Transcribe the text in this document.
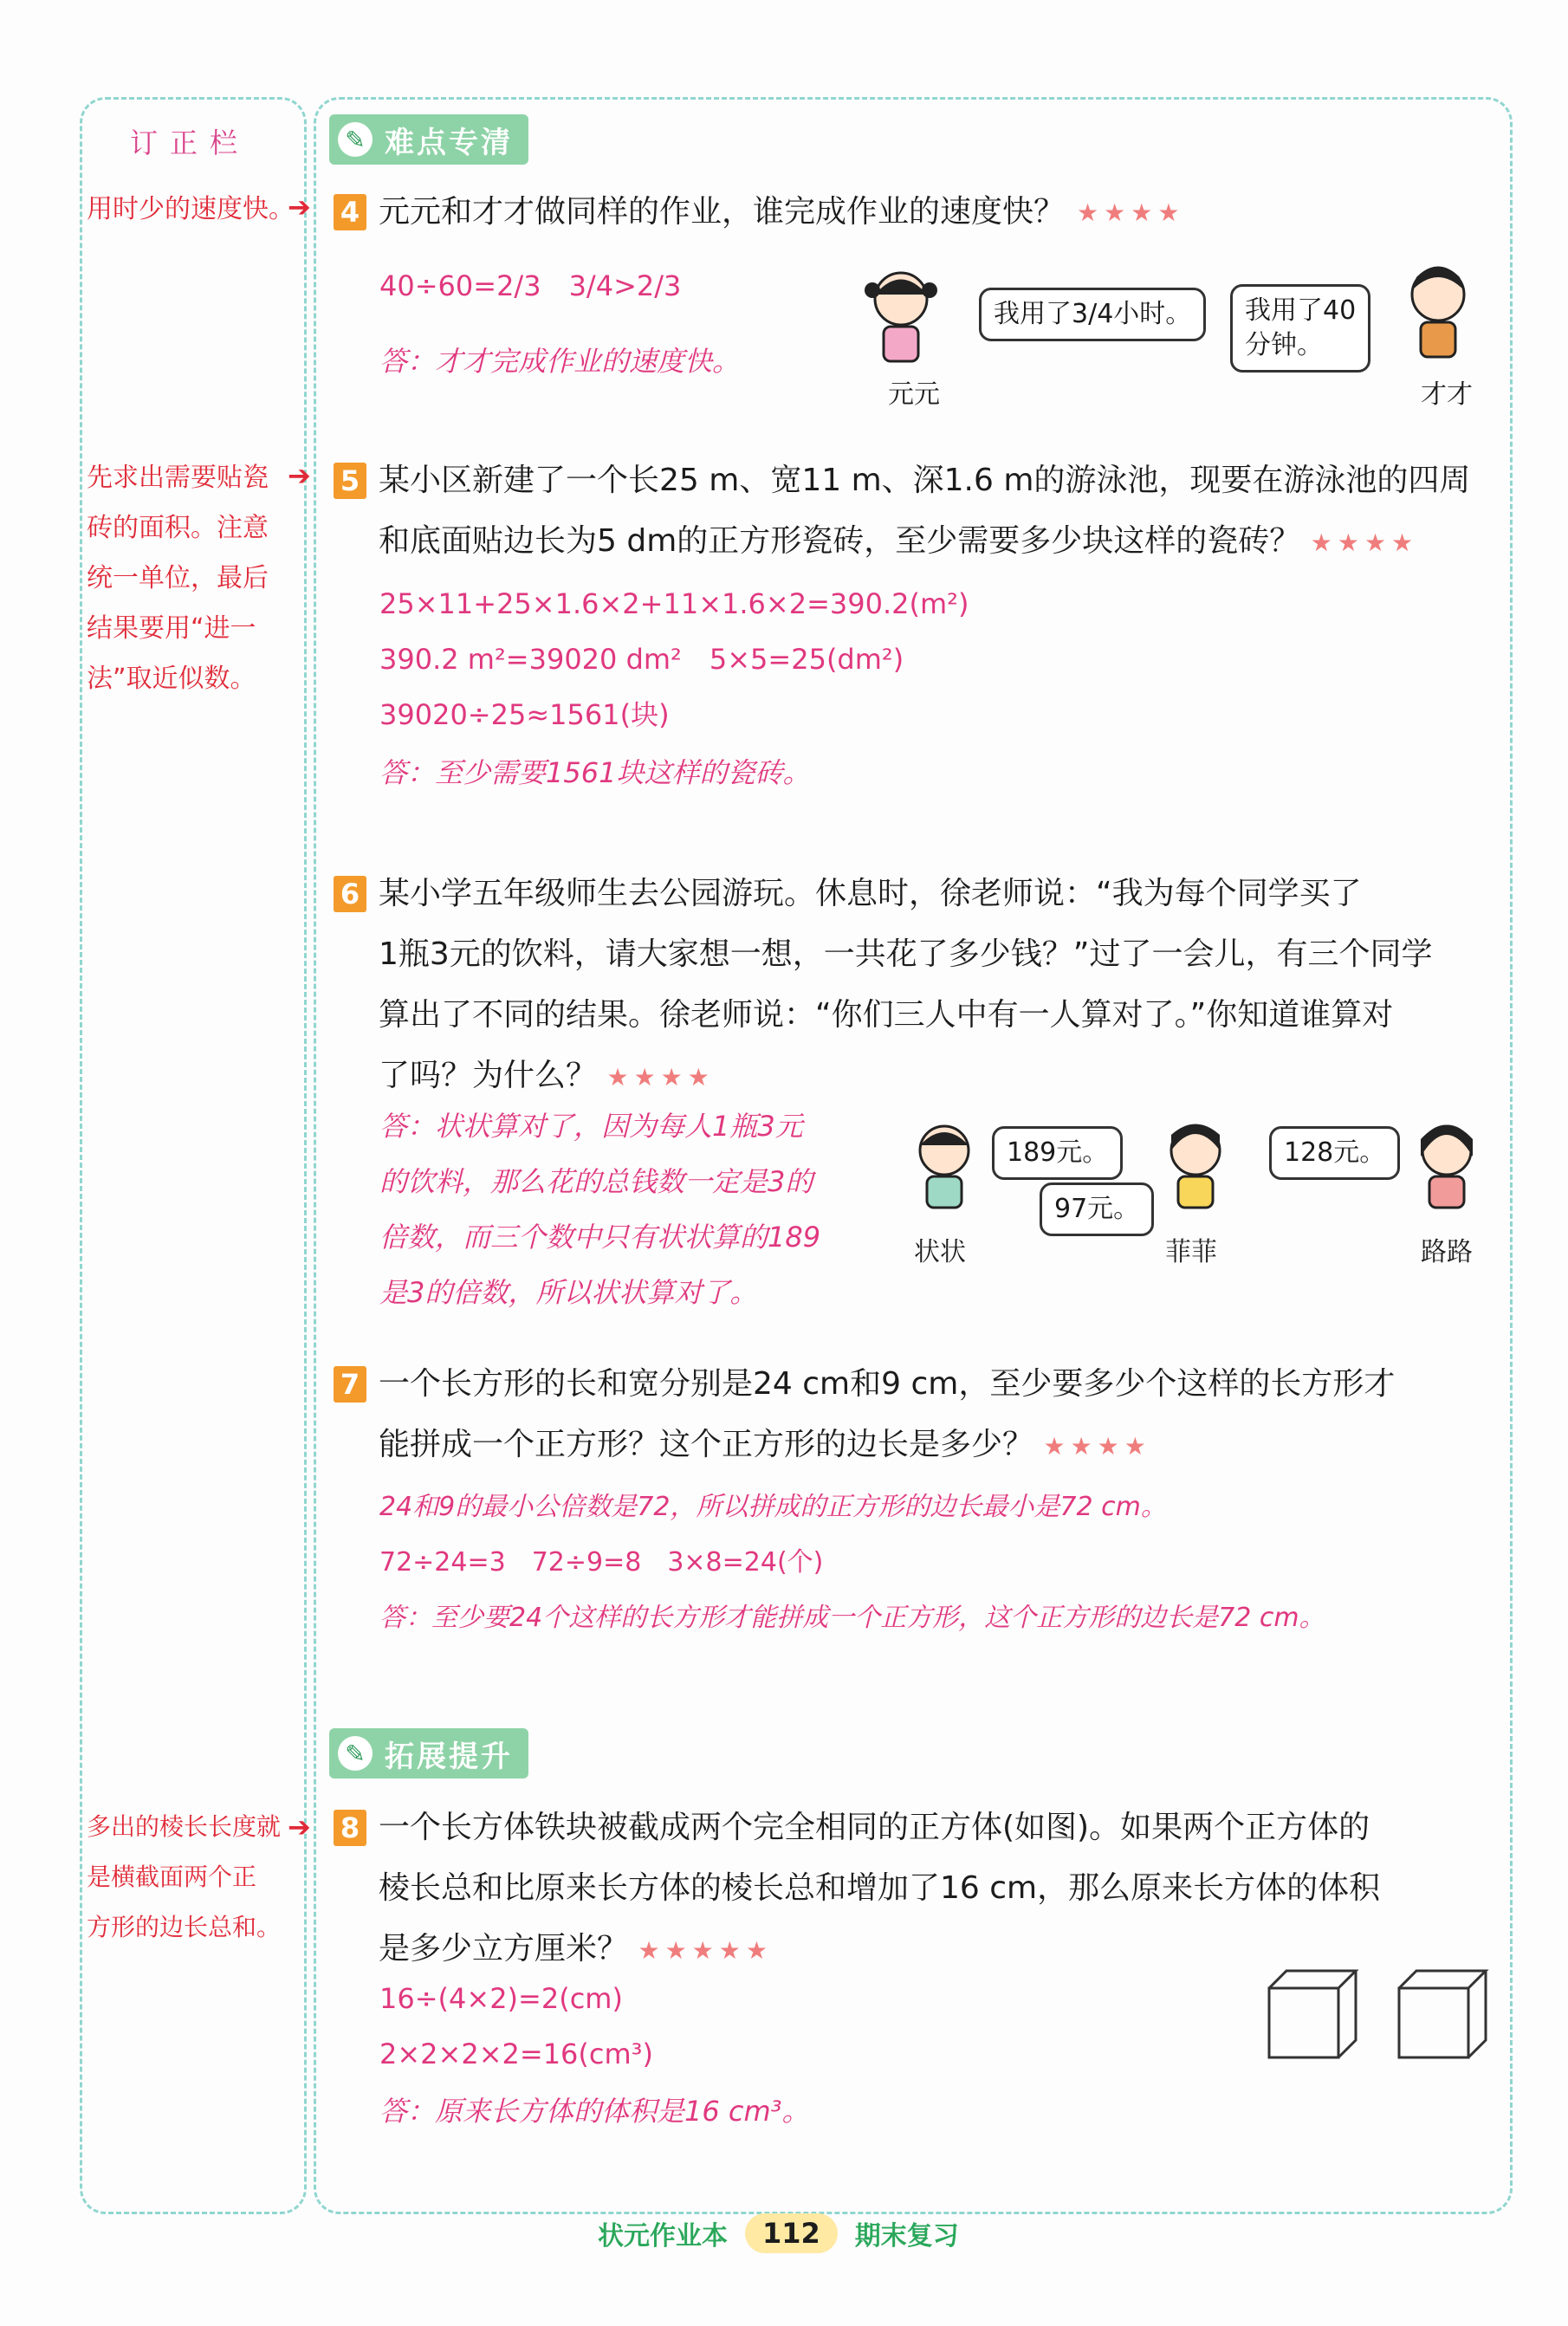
订正栏
用时少的速度快。
➔
先求出需要贴瓷
砖的面积。注意
统一单位，最后
结果要用“进一
法”取近似数。
➔
多出的棱长长度就
是横截面两个正
方形的边长总和。
➔
✎ 难点专清
4 元元和才才做同样的作业，谁完成作业的速度快？ ★★★★
40÷60=2/3　3/4>2/3
答：才才完成作业的速度快。
元元
我用了3/4小时。	我用了40
分钟。
才才
5 某小区新建了一个长25 m、宽11 m、深1.6 m的游泳池，现要在游泳池的四周
和底面贴边长为5 dm的正方形瓷砖，至少需要多少块这样的瓷砖？ ★★★★
25×11+25×1.6×2+11×1.6×2=390.2(m²)
390.2 m²=39020 dm²　5×5=25(dm²)
39020÷25≈1561(块)
答：至少需要1561块这样的瓷砖。
6 某小学五年级师生去公园游玩。休息时，徐老师说：“我为每个同学买了
1瓶3元的饮料，请大家想一想，一共花了多少钱？”过了一会儿，有三个同学
算出了不同的结果。徐老师说：“你们三人中有一人算对了。”你知道谁算对
了吗？为什么？ ★★★★
答：状状算对了，因为每人1瓶3元
的饮料，那么花的总钱数一定是3的
倍数，而三个数中只有状状算的189
是3的倍数，所以状状算对了。
状状
189元。
97元。
菲菲
128元。
路路
7 一个长方形的长和宽分别是24 cm和9 cm，至少要多少个这样的长方形才
能拼成一个正方形？这个正方形的边长是多少？ ★★★★
24和9的最小公倍数是72，所以拼成的正方形的边长最小是72 cm。
72÷24=3　72÷9=8　3×8=24(个)
答：至少要24个这样的长方形才能拼成一个正方形，这个正方形的边长是72 cm。
✎ 拓展提升
8 一个长方体铁块被截成两个完全相同的正方体(如图)。如果两个正方体的
棱长总和比原来长方体的棱长总和增加了16 cm，那么原来长方体的体积
是多少立方厘米？ ★★★★★
16÷(4×2)=2(cm)
2×2×2×2=16(cm³)
答：原来长方体的体积是16 cm³。
状元作业本	112	期末复习
